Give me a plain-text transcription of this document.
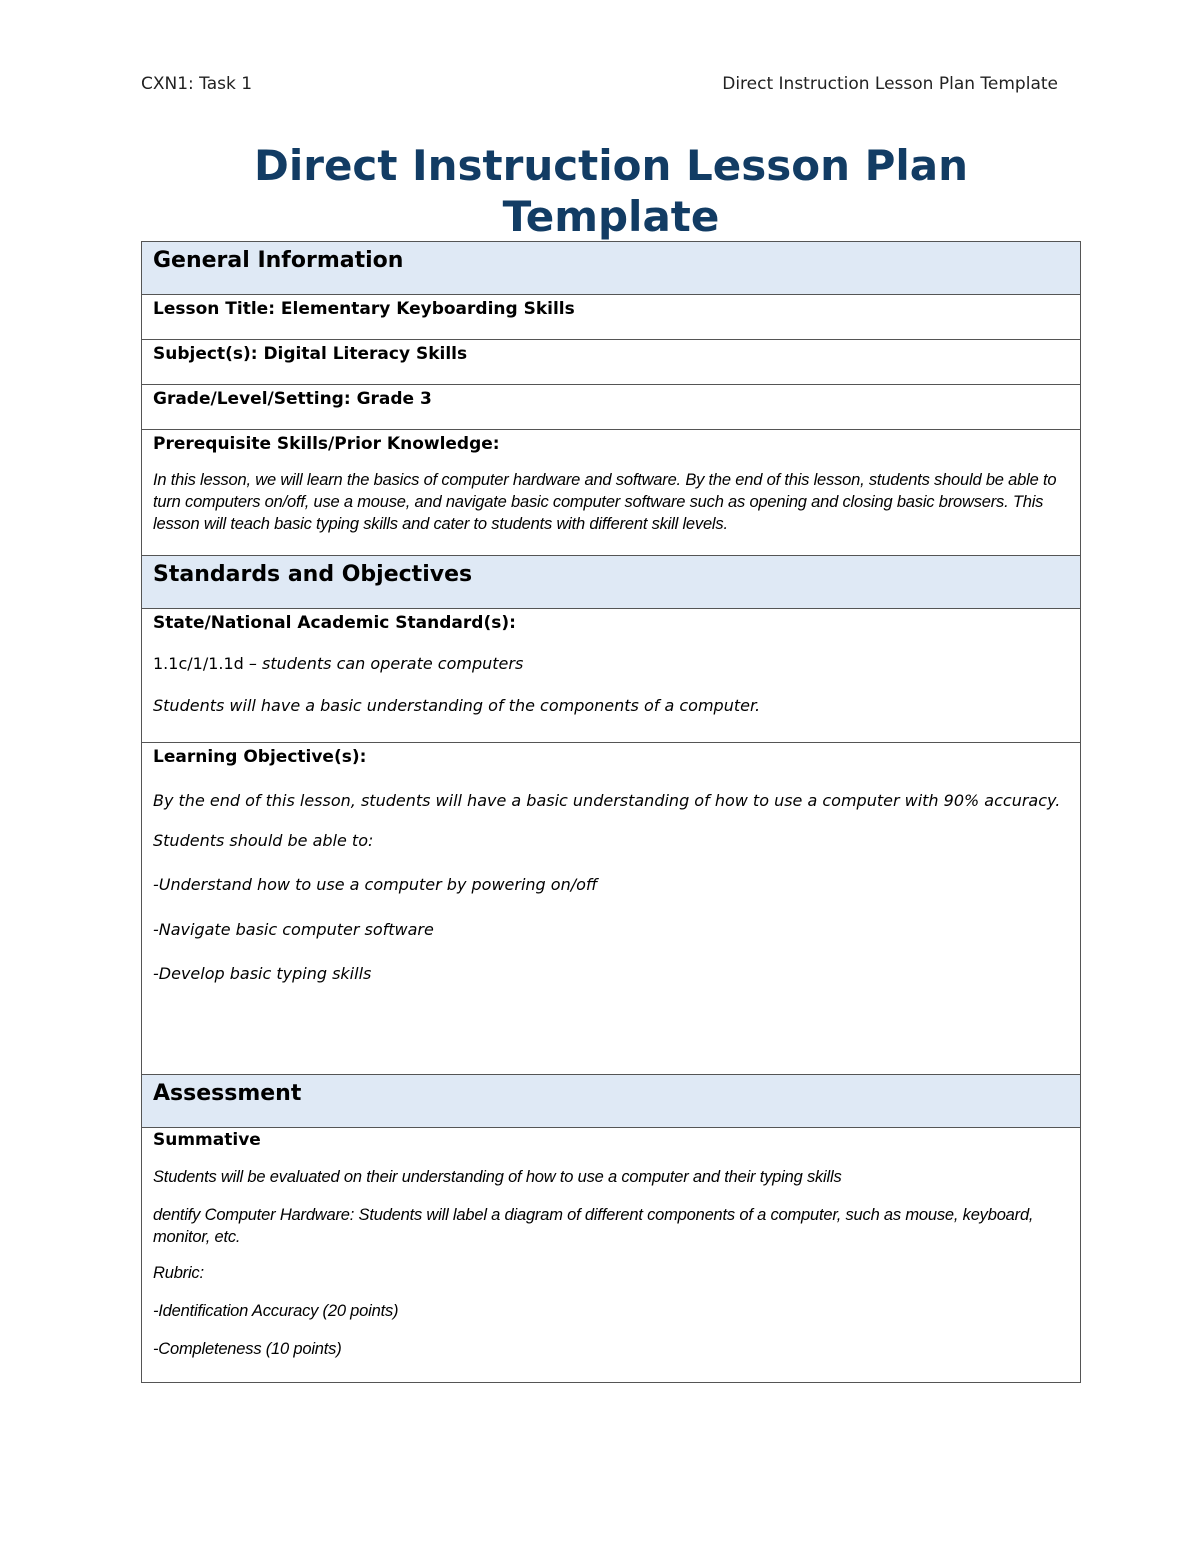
CXN1: Task 1	Direct Instruction Lesson Plan Template
Direct Instruction Lesson Plan Template
General Information
Lesson Title: Elementary Keyboarding Skills
Subject(s): Digital Literacy Skills
Grade/Level/Setting: Grade 3
Prerequisite Skills/Prior Knowledge:
In this lesson, we will learn the basics of computer hardware and software. By the end of this lesson, students should be able to turn computers on/off, use a mouse, and navigate basic computer software such as opening and closing basic browsers. This lesson will teach basic typing skills and cater to students with different skill levels.
Standards and Objectives
State/National Academic Standard(s):
1.1c/1/1.1d – students can operate computers
Students will have a basic understanding of the components of a computer.
Learning Objective(s):
By the end of this lesson, students will have a basic understanding of how to use a computer with 90% accuracy.
Students should be able to:
-Understand how to use a computer by powering on/off
-Navigate basic computer software
-Develop basic typing skills
Assessment
Summative
Students will be evaluated on their understanding of how to use a computer and their typing skills
dentify Computer Hardware: Students will label a diagram of different components of a computer, such as mouse, keyboard, monitor, etc.
Rubric:
-Identification Accuracy (20 points)
-Completeness (10 points)
